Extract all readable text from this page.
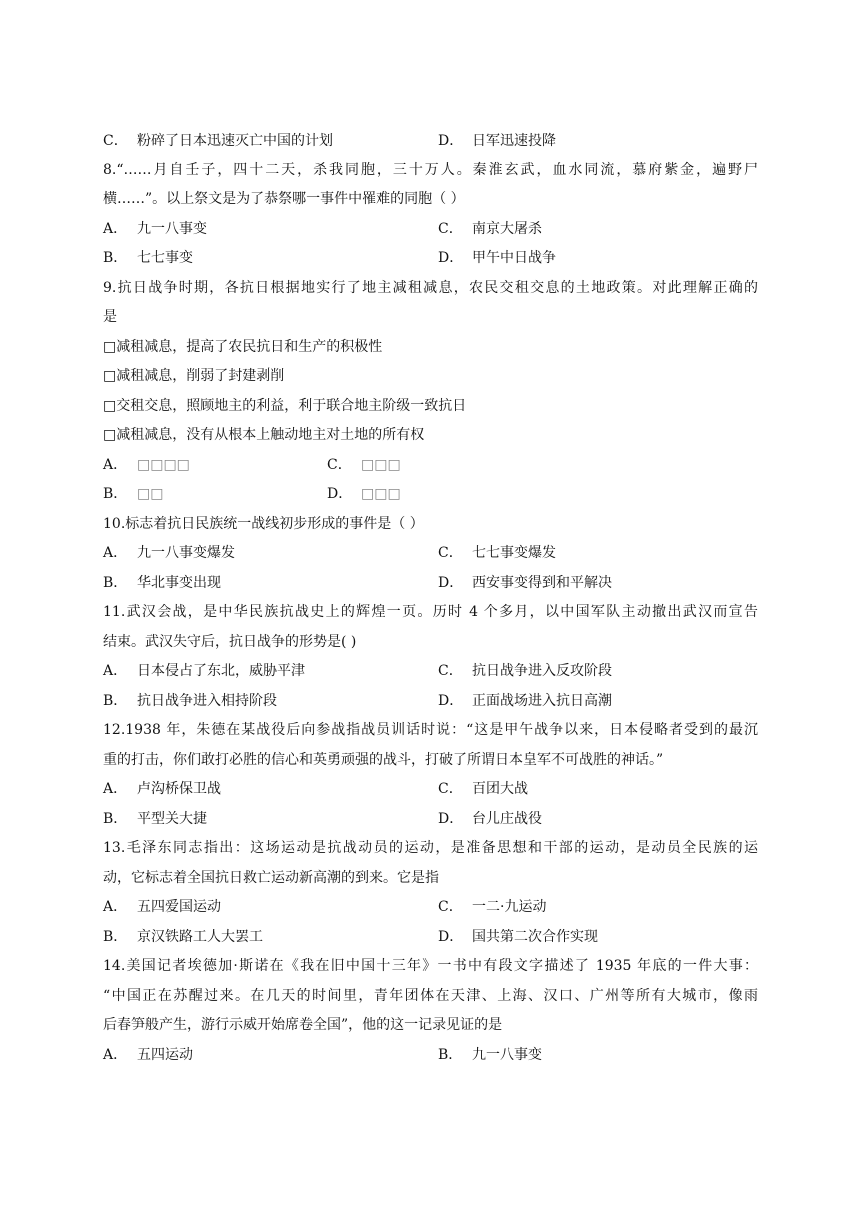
C． 粉碎了日本迅速灭亡中国的计划	D． 日军迅速投降
8.“……月自壬子，四十二天，杀我同胞，三十万人。秦淮玄武，血水同流，慕府紫金，遍野尸
横……”。以上祭文是为了恭祭哪一事件中罹难的同胞（ ）
A． 九一八事变	C． 南京大屠杀
B． 七七事变	D． 甲午中日战争
9.抗日战争时期，各抗日根据地实行了地主减租减息，农民交租交息的土地政策。对此理解正确的
是
□减租减息，提高了农民抗日和生产的积极性
□减租减息，削弱了封建剥削
□交租交息，照顾地主的利益，利于联合地主阶级一致抗日
□减租减息，没有从根本上触动地主对土地的所有权
A． □□□□	C． □□□
B． □□	D． □□□
10.标志着抗日民族统一战线初步形成的事件是（ ）
A． 九一八事变爆发	C． 七七事变爆发
B． 华北事变出现	D． 西安事变得到和平解决
11.武汉会战，是中华民族抗战史上的辉煌一页。历时 4 个多月，以中国军队主动撤出武汉而宣告
结束。武汉失守后，抗日战争的形势是( )
A． 日本侵占了东北，威胁平津	C． 抗日战争进入反攻阶段
B． 抗日战争进入相持阶段	D． 正面战场进入抗日高潮
12.1938 年，朱德在某战役后向参战指战员训话时说：“这是甲午战争以来，日本侵略者受到的最沉
重的打击，你们敢打必胜的信心和英勇顽强的战斗，打破了所谓日本皇军不可战胜的神话。”
A． 卢沟桥保卫战	C． 百团大战
B． 平型关大捷	D． 台儿庄战役
13.毛泽东同志指出：这场运动是抗战动员的运动，是准备思想和干部的运动，是动员全民族的运
动，它标志着全国抗日救亡运动新高潮的到来。它是指
A． 五四爱国运动	C． 一二·九运动
B． 京汉铁路工人大罢工	D． 国共第二次合作实现
14.美国记者埃德加·斯诺在《我在旧中国十三年》一书中有段文字描述了 1935 年底的一件大事：
“中国正在苏醒过来。在几天的时间里，青年团体在天津、上海、汉口、广州等所有大城市，像雨
后春笋般产生，游行示威开始席卷全国”，他的这一记录见证的是
A． 五四运动	B． 九一八事变
